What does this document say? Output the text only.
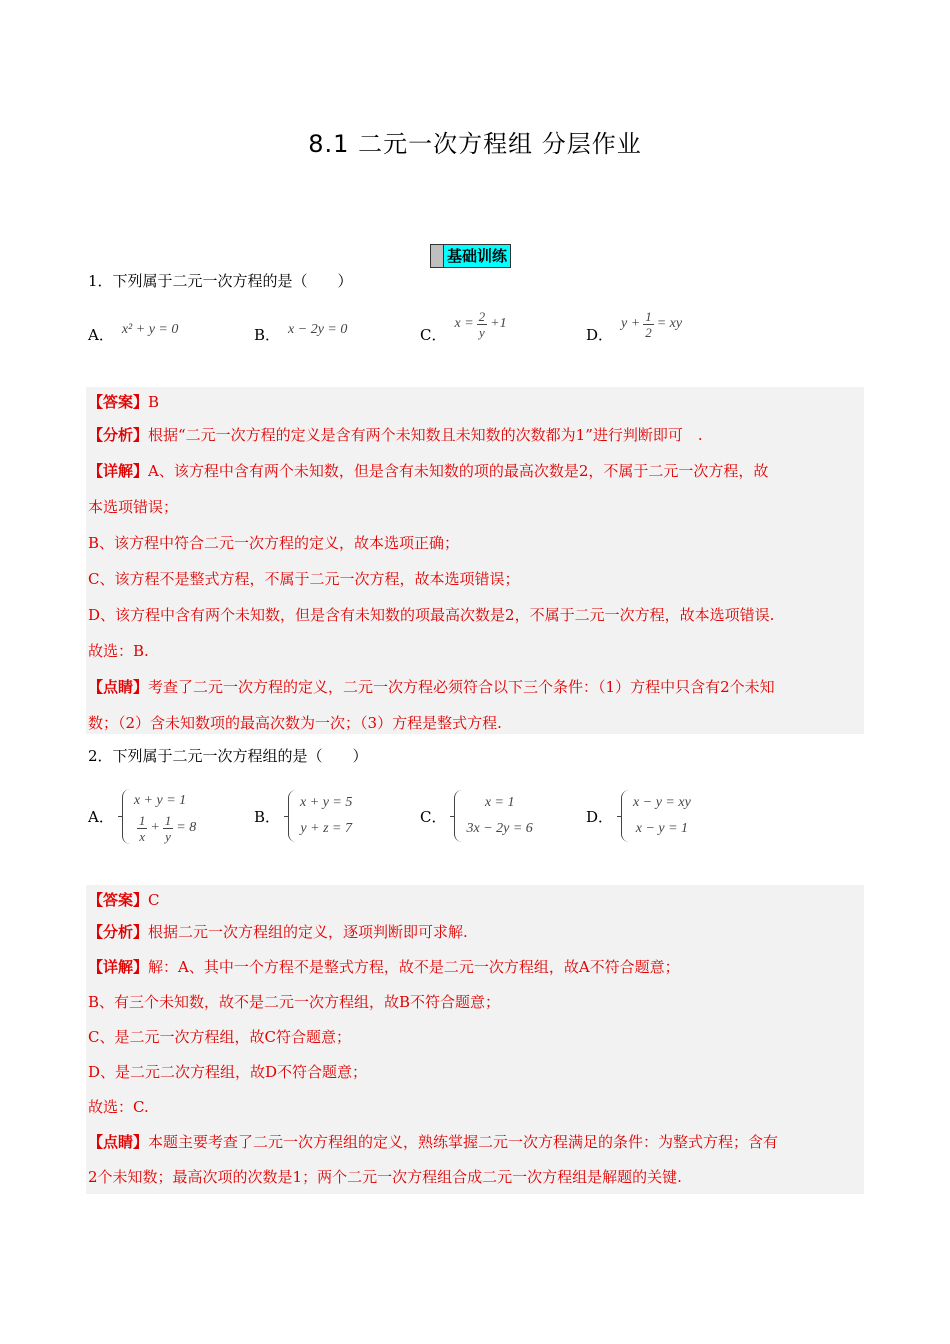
8.1 二元一次方程组 分层作业
基础训练
1．下列属于二元一次方程的是（　　）
A． x² + y = 0	B． x − 2y = 0	C．
$x = \frac{2}{y} +1$
D．
$y + \frac{1}{2}$ = xy

【答案】B

【分析】根据“二元一次方程的定义是含有两个未知数且未知数的次数都为1”进行判断即可　.

【详解】A、该方程中含有两个未知数，但是含有未知数的项的最高次数是2，不属于二元一次方程，故

本选项错误；

B、该方程中符合二元一次方程的定义，故本选项正确；

C、该方程不是整式方程，不属于二元一次方程，故本选项错误；

D、该方程中含有两个未知数，但是含有未知数的项最高次数是2，不属于二元一次方程，故本选项错误.

故选：B.

【点睛】考查了二元一次方程的定义，二元一次方程必须符合以下三个条件：（1）方程中只含有2个未知

数；（2）含未知数项的最高次数为一次；（3）方程是整式方程.

2．下列属于二元一次方程组的是（　　）
A．
x + y = 1
$\frac{1}{x} + \frac{1}{y} = 8$
B．
x + y = 5
y + z = 7
C．
x = 1
3x − 2y = 6
D．
x − y = xy
x − y = 1

【答案】C

【分析】根据二元一次方程组的定义，逐项判断即可求解.

【详解】解：A、其中一个方程不是整式方程，故不是二元一次方程组，故A不符合题意；

B、有三个未知数，故不是二元一次方程组，故B不符合题意；

C、是二元一次方程组，故C符合题意；

D、是二元二次方程组，故D不符合题意；

故选：C.

【点睛】本题主要考查了二元一次方程组的定义，熟练掌握二元一次方程满足的条件：为整式方程；含有

2个未知数；最高次项的次数是1；两个二元一次方程组合成二元一次方程组是解题的关键.
